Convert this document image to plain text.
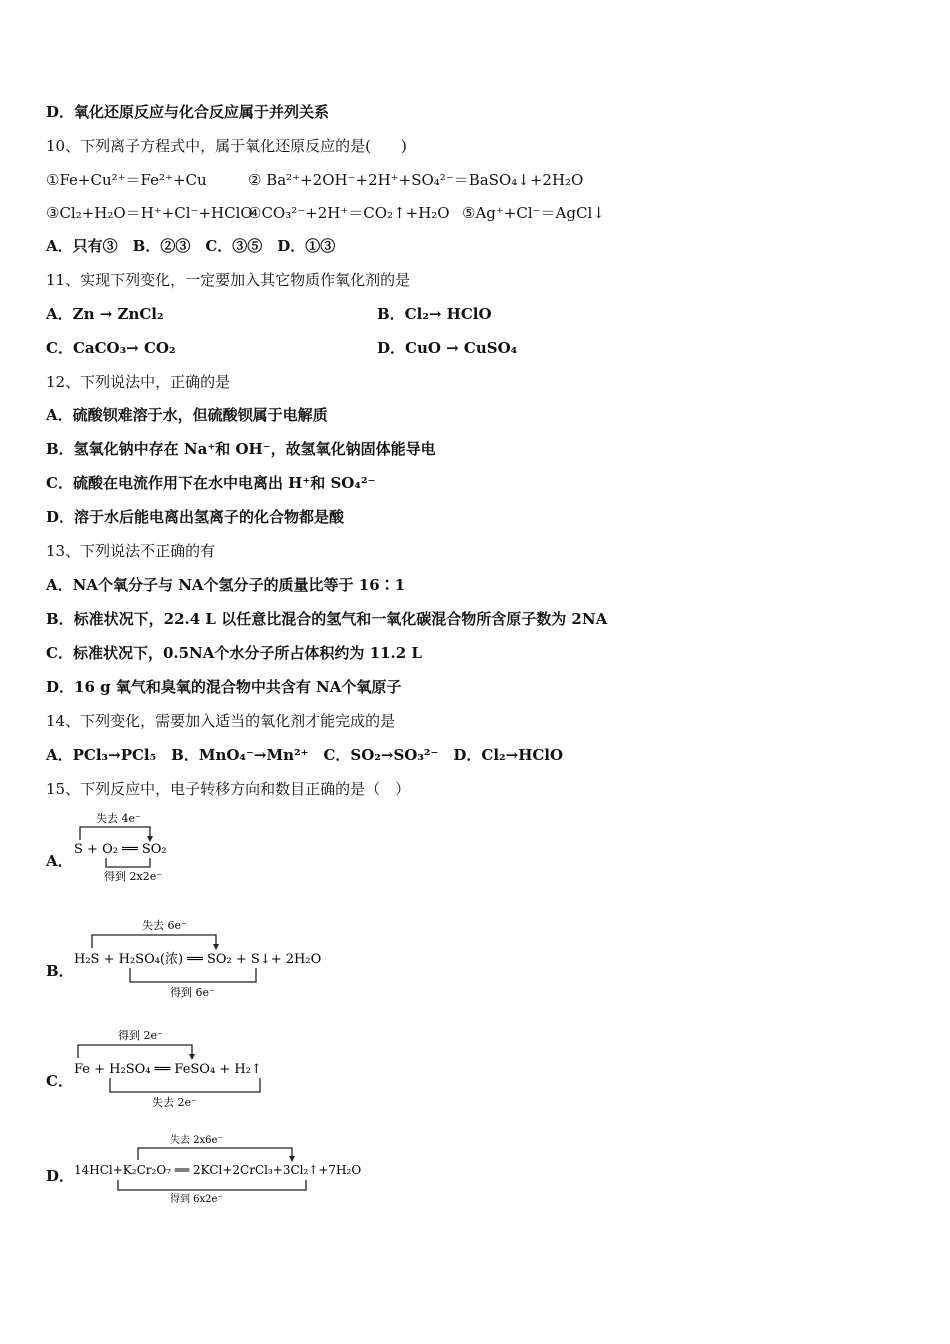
D．氧化还原反应与化合反应属于并列关系
10、下列离子方程式中，属于氧化还原反应的是(　　)
①Fe+Cu²⁺＝Fe²⁺+Cu	② Ba²⁺+2OH⁻+2H⁺+SO₄²⁻＝BaSO₄↓+2H₂O
③Cl₂+H₂O＝H⁺+Cl⁻+HClO
④CO₃²⁻+2H⁺＝CO₂↑+H₂O ⑤Ag⁺+Cl⁻＝AgCl↓
A．只有③　B．②③　C．③⑤　D．①③
11、实现下列变化，一定要加入其它物质作氧化剂的是
A．Zn → ZnCl₂	B．Cl₂→ HClO
C．CaCO₃→ CO₂	D．CuO → CuSO₄
12、下列说法中，正确的是
A．硫酸钡难溶于水，但硫酸钡属于电解质
B．氢氧化钠中存在 Na⁺和 OH⁻，故氢氧化钠固体能导电
C．硫酸在电流作用下在水中电离出 H⁺和 SO₄²⁻
D．溶于水后能电离出氢离子的化合物都是酸
13、下列说法不正确的有
A．NA个氧分子与 NA个氢分子的质量比等于 16∶1
B．标准状况下，22.4 L 以任意比混合的氢气和一氧化碳混合物所含原子数为 2NA
C．标准状况下，0.5NA个水分子所占体积约为 11.2 L
D．16 g 氧气和臭氧的混合物中共含有 NA个氧原子
14、下列变化，需要加入适当的氧化剂才能完成的是
A．PCl₃→PCl₅　B．MnO₄⁻→Mn²⁺　C．SO₂→SO₃²⁻　D．Cl₂→HClO
15、下列反应中，电子转移方向和数目正确的是（　）
A．
失去 4e⁻
S + O₂ ══ SO₂
得到 2x2e⁻
B．
失去 6e⁻
H₂S + H₂SO₄(浓) ══ SO₂ + S↓+ 2H₂O
得到 6e⁻
C．
得到 2e⁻
Fe + H₂SO₄ ══ FeSO₄ + H₂↑
失去 2e⁻
D．
失去 2x6e⁻
14HCl+K₂Cr₂O₇ ══ 2KCl+2CrCl₃+3Cl₂↑+7H₂O
得到 6x2e⁻
